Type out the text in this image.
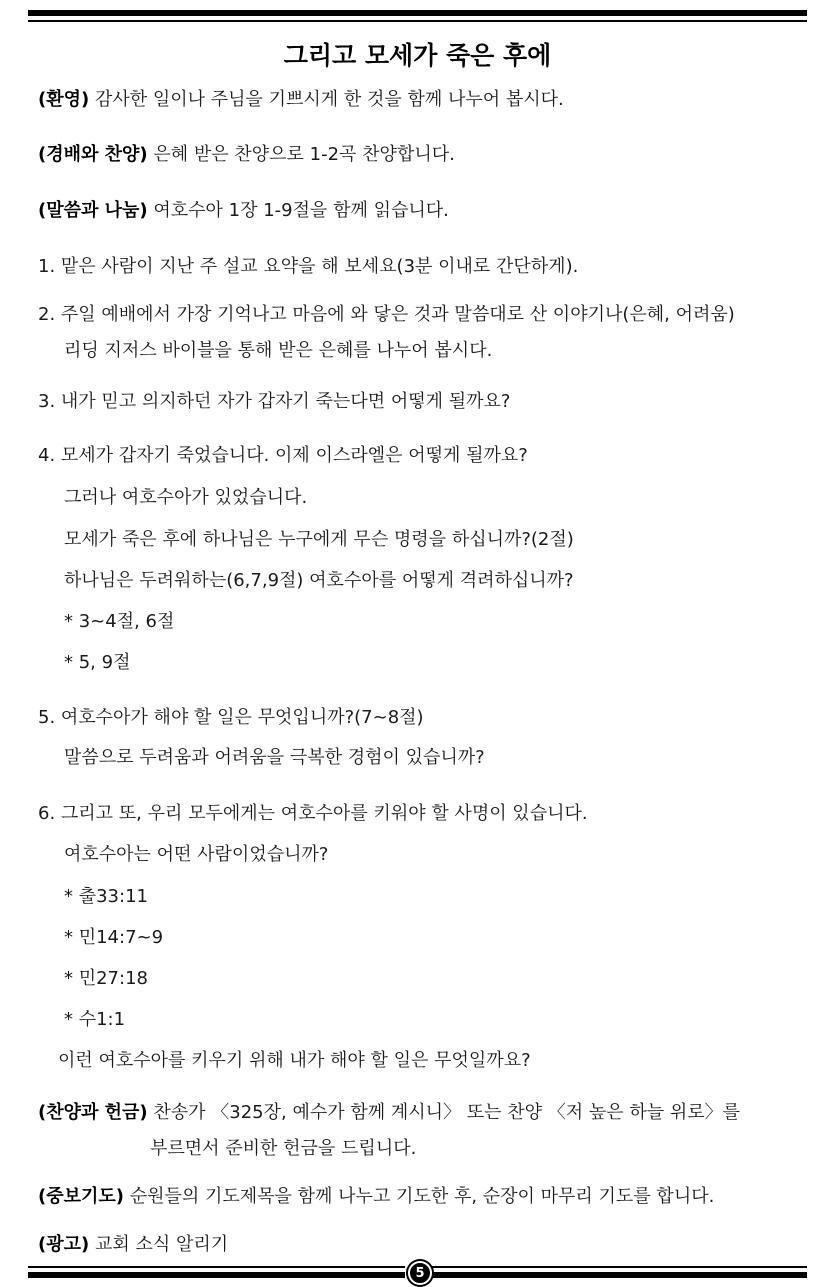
그리고 모세가 죽은 후에
(환영) 감사한 일이나 주님을 기쁘시게 한 것을 함께 나누어 봅시다.
(경배와 찬양) 은혜 받은 찬양으로 1-2곡 찬양합니다.
(말씀과 나눔) 여호수아 1장 1-9절을 함께 읽습니다.
1. 맡은 사람이 지난 주 설교 요약을 해 보세요(3분 이내로 간단하게).
2. 주일 예배에서 가장 기억나고 마음에 와 닿은 것과 말씀대로 산 이야기나(은혜, 어려움)
리딩 지저스 바이블을 통해 받은 은혜를 나누어 봅시다.
3. 내가 믿고 의지하던 자가 갑자기 죽는다면 어떻게 될까요?
4. 모세가 갑자기 죽었습니다. 이제 이스라엘은 어떻게 될까요?
그러나 여호수아가 있었습니다.
모세가 죽은 후에 하나님은 누구에게 무슨 명령을 하십니까?(2절)
하나님은 두려워하는(6,7,9절) 여호수아를 어떻게 격려하십니까?
* 3~4절, 6절
* 5, 9절
5. 여호수아가 해야 할 일은 무엇입니까?(7~8절)
말씀으로 두려움과 어려움을 극복한 경험이 있습니까?
6. 그리고 또, 우리 모두에게는 여호수아를 키워야 할 사명이 있습니다.
여호수아는 어떤 사람이었습니까?
* 출33:11
* 민14:7~9
* 민27:18
* 수1:1
이런 여호수아를 키우기 위해 내가 해야 할 일은 무엇일까요?
(찬양과 헌금) 찬송가 〈325장, 예수가 함께 계시니〉 또는 찬양 〈저 높은 하늘 위로〉를
부르면서 준비한 헌금을 드립니다.
(중보기도) 순원들의 기도제목을 함께 나누고 기도한 후, 순장이 마무리 기도를 합니다.
(광고) 교회 소식 알리기
5
